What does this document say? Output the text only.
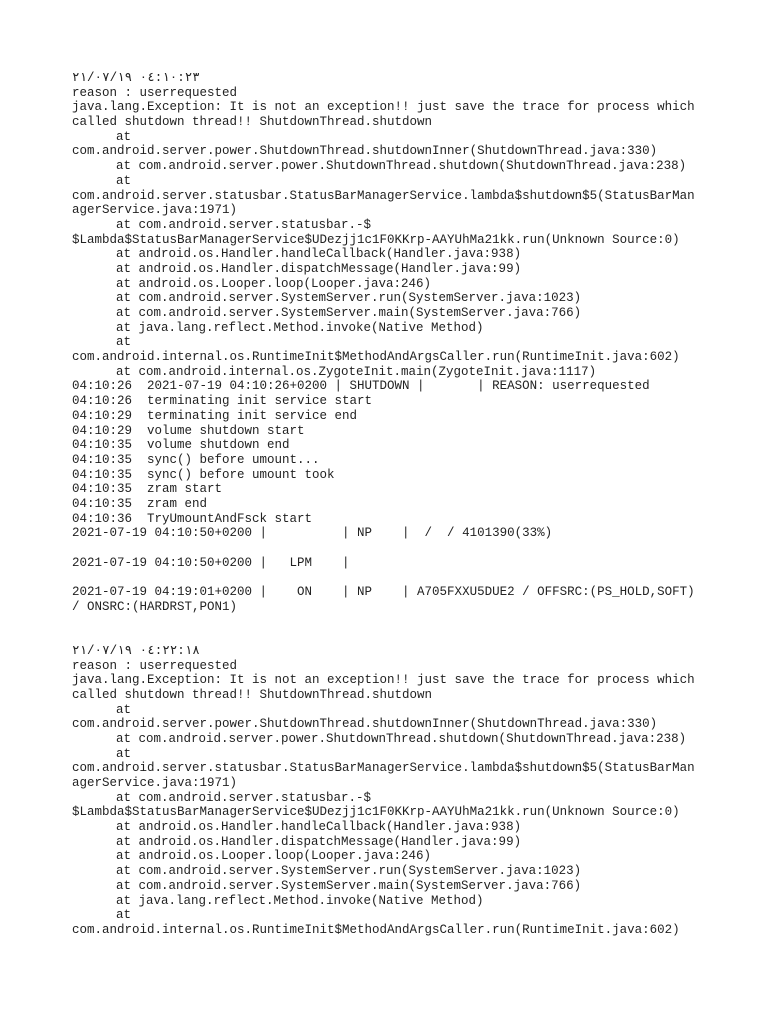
٠٤:١٠:٢٣ ٢١/٠٧/١٩
reason : userrequested
java.lang.Exception: It is not an exception!! just save the trace for process which
called shutdown thread!! ShutdownThread.shutdown
at
com.android.server.power.ShutdownThread.shutdownInner(ShutdownThread.java:330)
at com.android.server.power.ShutdownThread.shutdown(ShutdownThread.java:238)
at
com.android.server.statusbar.StatusBarManagerService.lambda$shutdown$5(StatusBarMan
agerService.java:1971)
at com.android.server.statusbar.-$
$Lambda$StatusBarManagerService$UDezjj1c1F0KKrp-AAYUhMa21kk.run(Unknown Source:0)
at android.os.Handler.handleCallback(Handler.java:938)
at android.os.Handler.dispatchMessage(Handler.java:99)
at android.os.Looper.loop(Looper.java:246)
at com.android.server.SystemServer.run(SystemServer.java:1023)
at com.android.server.SystemServer.main(SystemServer.java:766)
at java.lang.reflect.Method.invoke(Native Method)
at
com.android.internal.os.RuntimeInit$MethodAndArgsCaller.run(RuntimeInit.java:602)
at com.android.internal.os.ZygoteInit.main(ZygoteInit.java:1117)
04:10:26  2021-07-19 04:10:26+0200 | SHUTDOWN |       | REASON: userrequested
04:10:26  terminating init service start
04:10:29  terminating init service end
04:10:29  volume shutdown start
04:10:35  volume shutdown end
04:10:35  sync() before umount...
04:10:35  sync() before umount took
04:10:35  zram start
04:10:35  zram end
04:10:36  TryUmountAndFsck start
2021-07-19 04:10:50+0200 |          | NP    |  /  / 4101390(33%)
2021-07-19 04:10:50+0200 |   LPM    |
2021-07-19 04:19:01+0200 |    ON    | NP    | A705FXXU5DUE2 / OFFSRC:(PS_HOLD,SOFT)
/ ONSRC:(HARDRST,PON1)
٠٤:٢٢:١٨ ٢١/٠٧/١٩
reason : userrequested
java.lang.Exception: It is not an exception!! just save the trace for process which
called shutdown thread!! ShutdownThread.shutdown
at
com.android.server.power.ShutdownThread.shutdownInner(ShutdownThread.java:330)
at com.android.server.power.ShutdownThread.shutdown(ShutdownThread.java:238)
at
com.android.server.statusbar.StatusBarManagerService.lambda$shutdown$5(StatusBarMan
agerService.java:1971)
at com.android.server.statusbar.-$
$Lambda$StatusBarManagerService$UDezjj1c1F0KKrp-AAYUhMa21kk.run(Unknown Source:0)
at android.os.Handler.handleCallback(Handler.java:938)
at android.os.Handler.dispatchMessage(Handler.java:99)
at android.os.Looper.loop(Looper.java:246)
at com.android.server.SystemServer.run(SystemServer.java:1023)
at com.android.server.SystemServer.main(SystemServer.java:766)
at java.lang.reflect.Method.invoke(Native Method)
at
com.android.internal.os.RuntimeInit$MethodAndArgsCaller.run(RuntimeInit.java:602)
